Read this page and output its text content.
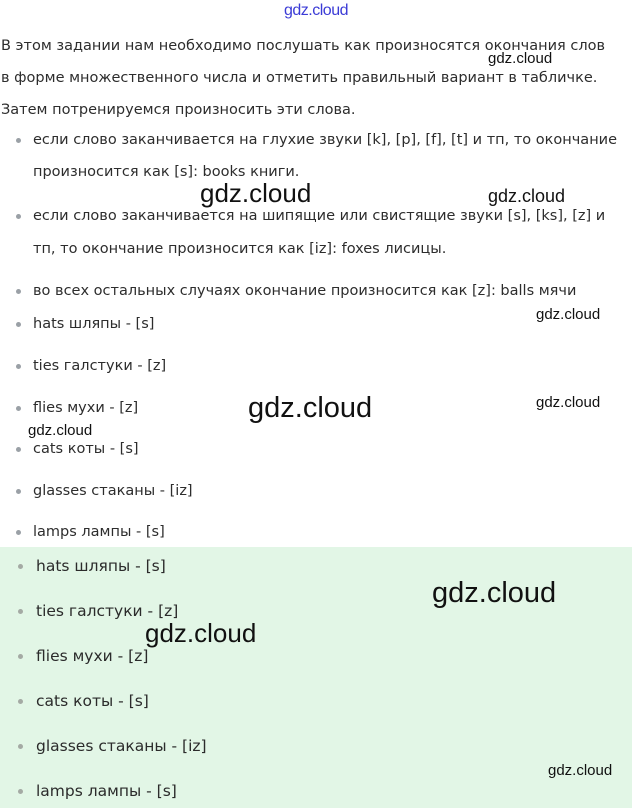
gdz.cloud

В этом задании нам необходимо послушать как произносятся окончания слов

в форме множественного числа и отметить правильный вариант в табличке.

Затем потренируемся произносить эти слова.

если слово заканчивается на глухие звуки [k], [p], [f], [t] и тп, то окончание
произносится как [s]: books книги.
если слово заканчивается на шипящие или свистящие звуки [s], [ks], [z] и
тп, то окончание произносится как [iz]: foxes лисицы.
во всех остальных случаях окончание произносится как [z]: balls мячи
hats шляпы - [s]
ties галстуки - [z]
flies мухи - [z]
cats коты - [s]
glasses стаканы - [iz]
lamps лампы - [s]
hats шляпы - [s]
ties галстуки - [z]
flies мухи - [z]
cats коты - [s]
glasses стаканы - [iz]
lamps лампы - [s]
gdz.cloud
gdz.cloud	gdz.cloud
gdz.cloud
gdz.cloud	gdz.cloud
gdz.cloud
gdz.cloud
gdz.cloud
gdz.cloud
